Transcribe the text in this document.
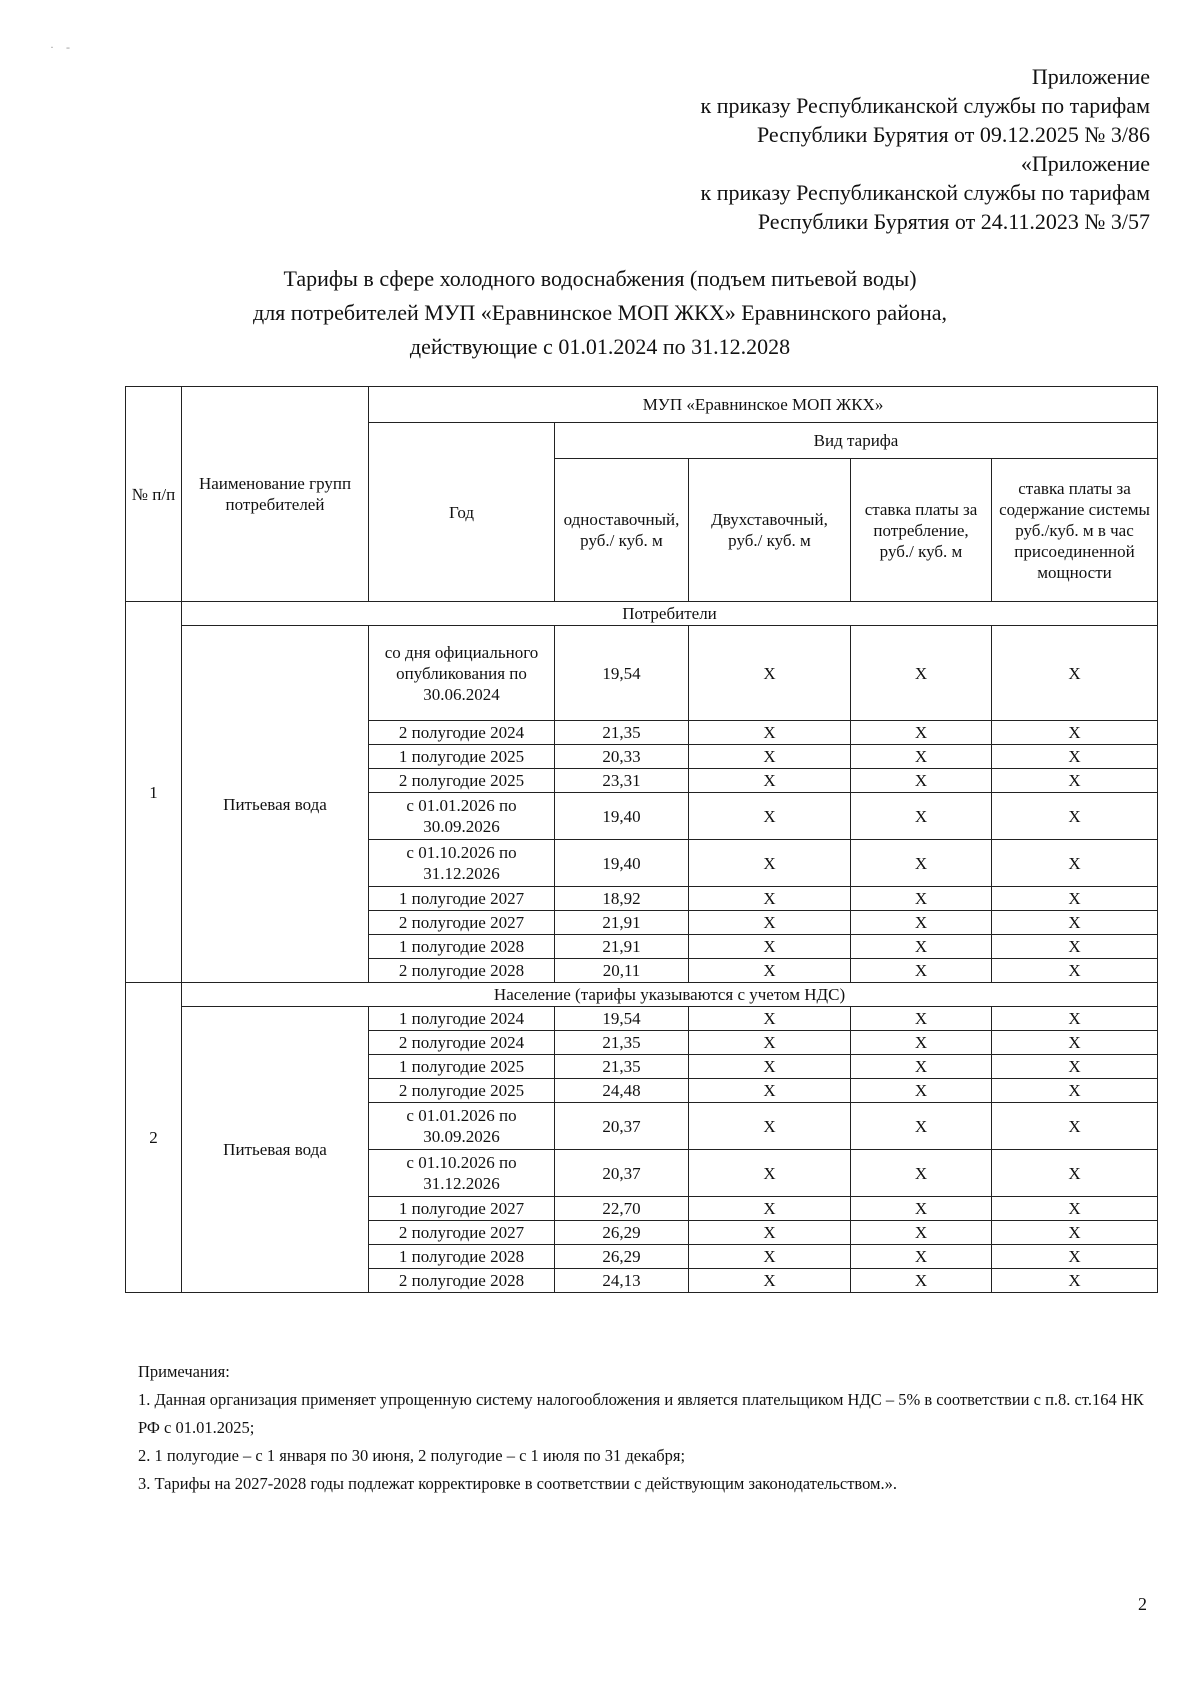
·    -
Приложение
к приказу Республиканской службы по тарифам
Республики Бурятия от 09.12.2025 № 3/86
«Приложение
к приказу Республиканской службы по тарифам
Республики Бурятия от 24.11.2023 № 3/57
Тарифы в сфере холодного водоснабжения (подъем питьевой воды)
для потребителей МУП «Еравнинское МОП ЖКХ» Еравнинского района,
действующие с 01.01.2024 по 31.12.2028
№ п/п	Наименование групп потребителей	МУП «Еравнинское МОП ЖКХ»				
		Год	Вид тарифа			
			одноставочный, руб./ куб. м	Двухставочный, руб./ куб. м	ставка платы за потребление, руб./ куб. м	ставка платы за содержание системы руб./куб. м в час присоединенной мощности
1	Потребители					
	Питьевая вода	со дня официального опубликования по 30.06.2024	19,54	Х	Х	Х
		2 полугодие 2024	21,35	Х	Х	Х
		1 полугодие 2025	20,33	Х	Х	Х
		2 полугодие 2025	23,31	Х	Х	Х
		с 01.01.2026 по 30.09.2026	19,40	Х	Х	Х
		с 01.10.2026 по 31.12.2026	19,40	Х	Х	Х
		1 полугодие 2027	18,92	Х	Х	Х
		2 полугодие 2027	21,91	Х	Х	Х
		1 полугодие 2028	21,91	Х	Х	Х
		2 полугодие 2028	20,11	Х	Х	Х
2	Население (тарифы указываются с учетом НДС)					
	Питьевая вода	1 полугодие 2024	19,54	Х	Х	Х
		2 полугодие 2024	21,35	Х	Х	Х
		1 полугодие 2025	21,35	Х	Х	Х
		2 полугодие 2025	24,48	Х	Х	Х
		с 01.01.2026 по 30.09.2026	20,37	Х	Х	Х
		с 01.10.2026 по 31.12.2026	20,37	Х	Х	Х
		1 полугодие 2027	22,70	Х	Х	Х
		2 полугодие 2027	26,29	Х	Х	Х
		1 полугодие 2028	26,29	Х	Х	Х
		2 полугодие 2028	24,13	Х	Х	Х

Примечания:

1. Данная организация применяет упрощенную систему налогообложения и является плательщиком НДС – 5% в соответствии с п.8. ст.164 НК РФ с 01.01.2025;

2. 1 полугодие – с 1 января по 30 июня, 2 полугодие – с 1 июля по 31 декабря;

3. Тарифы на 2027-2028 годы подлежат корректировке в соответствии с действующим законодательством.».

2
